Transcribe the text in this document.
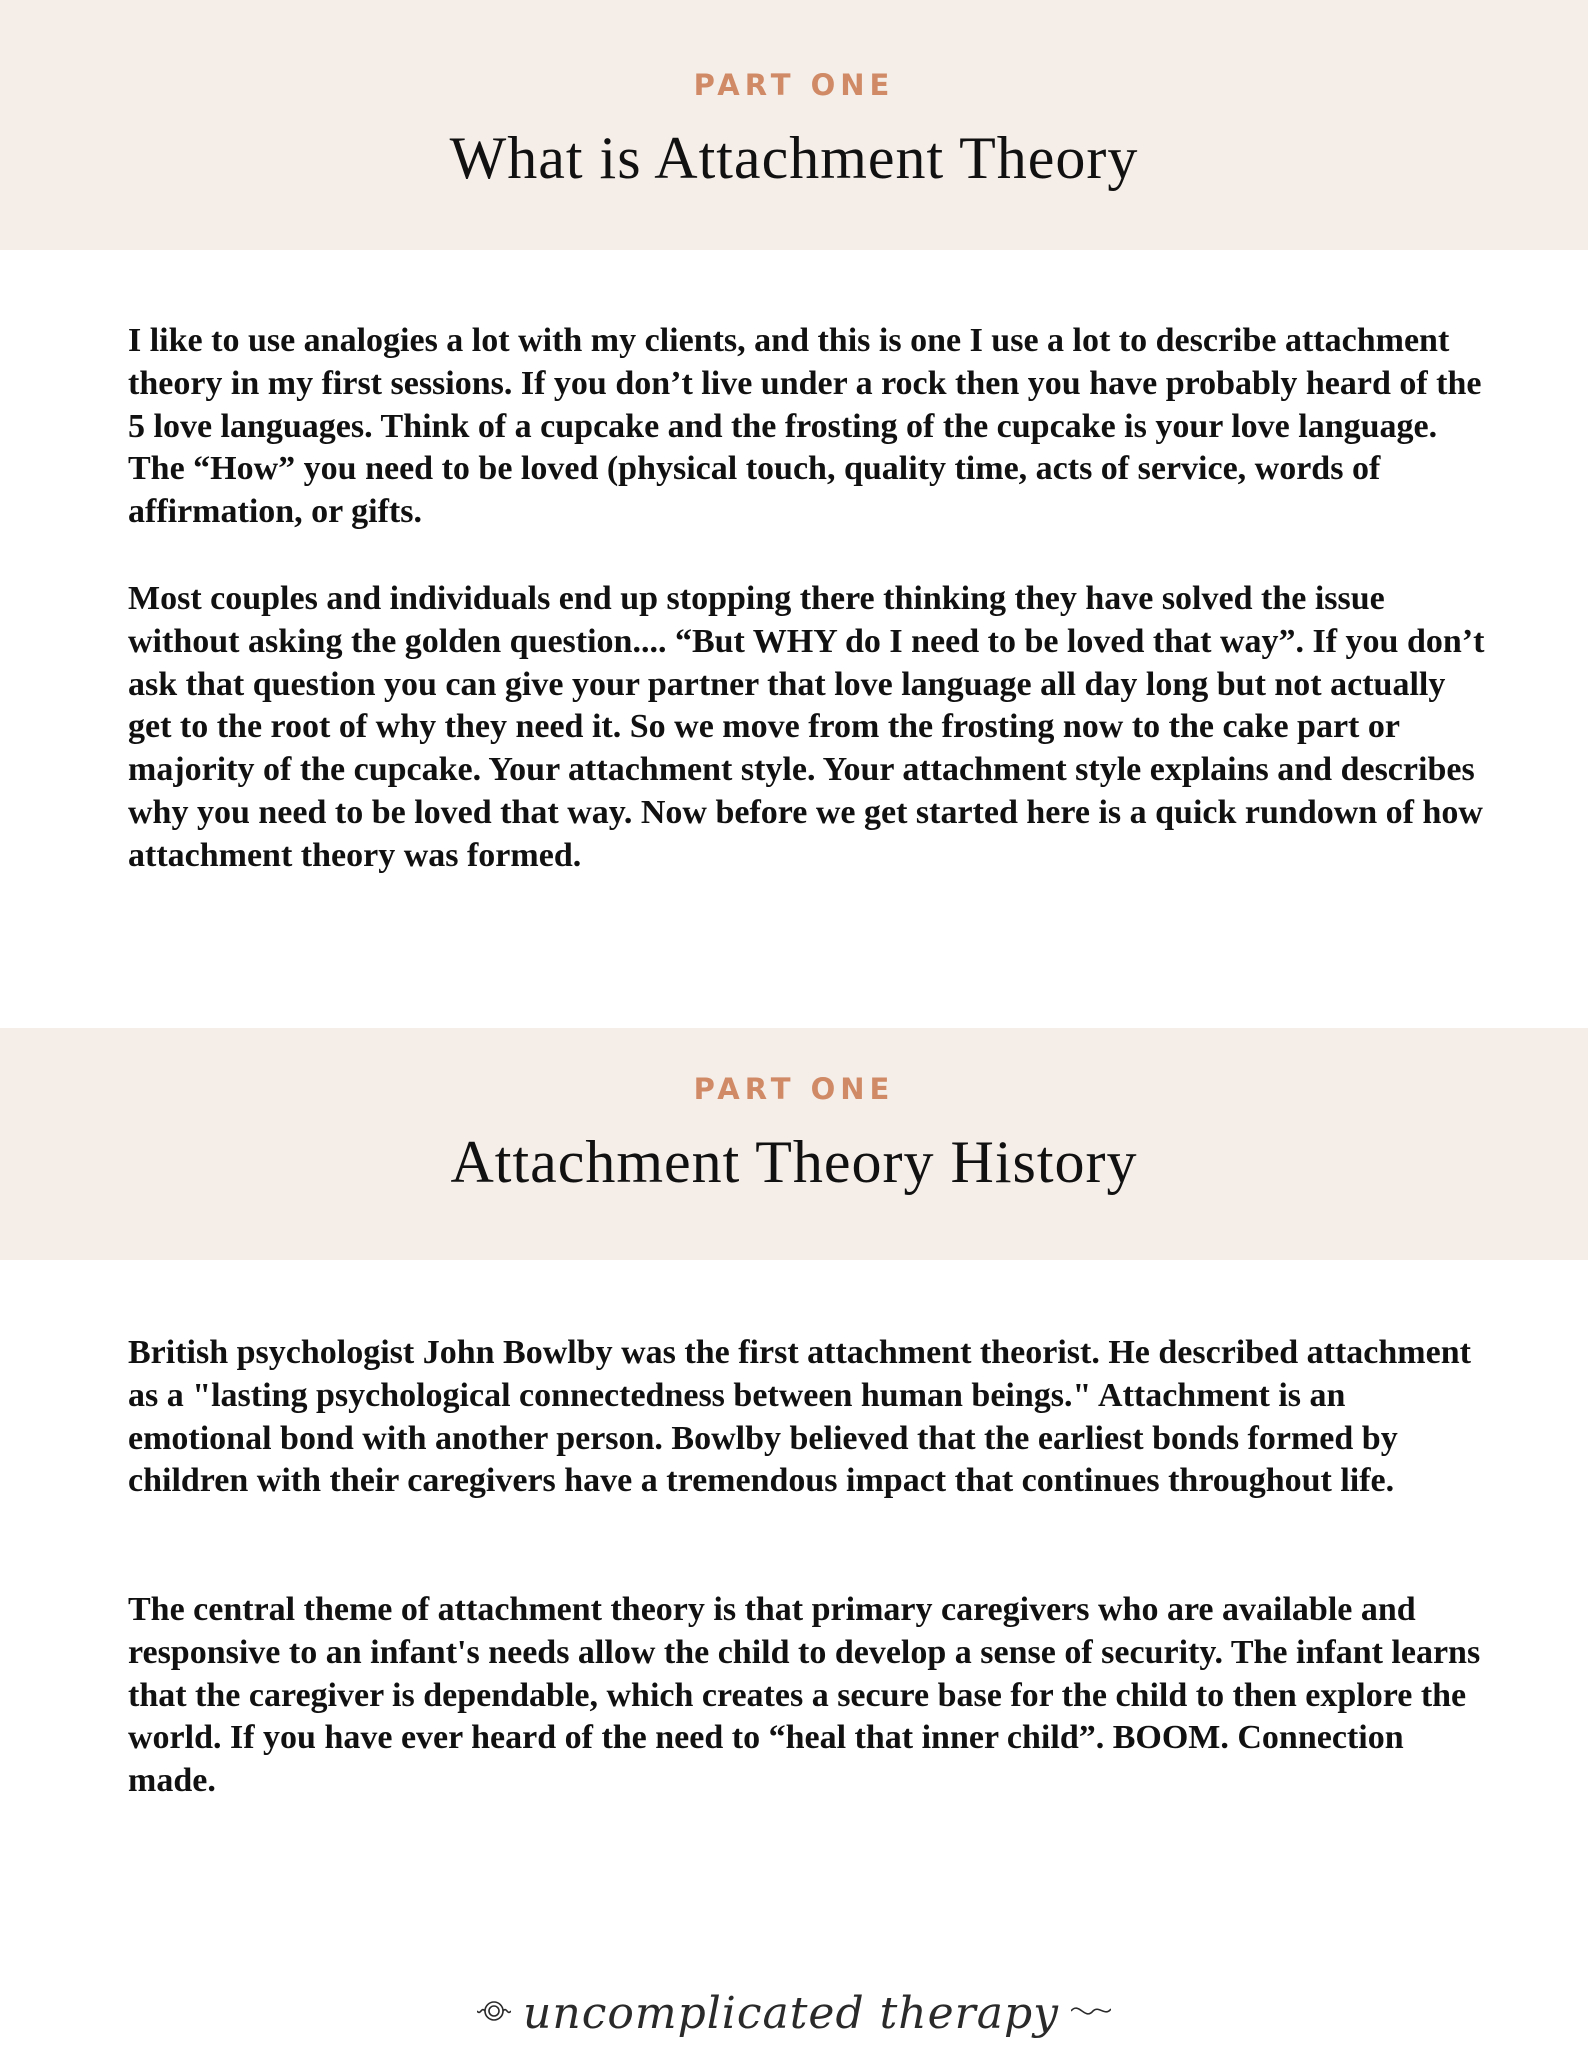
PART ONE
What is Attachment Theory

I like to use analogies a lot with my clients, and this is one I use a lot to describe attachment theory in my first sessions. If you don’t live under a rock then you have probably heard of the 5 love languages. Think of a cupcake and the frosting of the cupcake is your love language. The “How” you need to be loved (physical touch, quality time, acts of service, words of affirmation, or gifts.

Most couples and individuals end up stopping there thinking they have solved the issue without asking the golden question.... “But WHY do I need to be loved that way”. If you don’t ask that question you can give your partner that love language all day long but not actually get to the root of why they need it. So we move from the frosting now to the cake part or majority of the cupcake. Your attachment style. Your attachment style explains and describes why you need to be loved that way. Now before we get started here is a quick rundown of how attachment theory was formed.

PART ONE
Attachment Theory History

British psychologist John Bowlby was the first attachment theorist. He described attachment as a "lasting psychological connectedness between human beings." Attachment is an emotional bond with another person. Bowlby believed that the earliest bonds formed by children with their caregivers have a tremendous impact that continues throughout life.

The central theme of attachment theory is that primary caregivers who are available and responsive to an infant's needs allow the child to develop a sense of security. The infant learns that the caregiver is dependable, which creates a secure base for the child to then explore the world. If you have ever heard of the need to “heal that inner child”. BOOM. Connection made.

uncomplicated therapy
